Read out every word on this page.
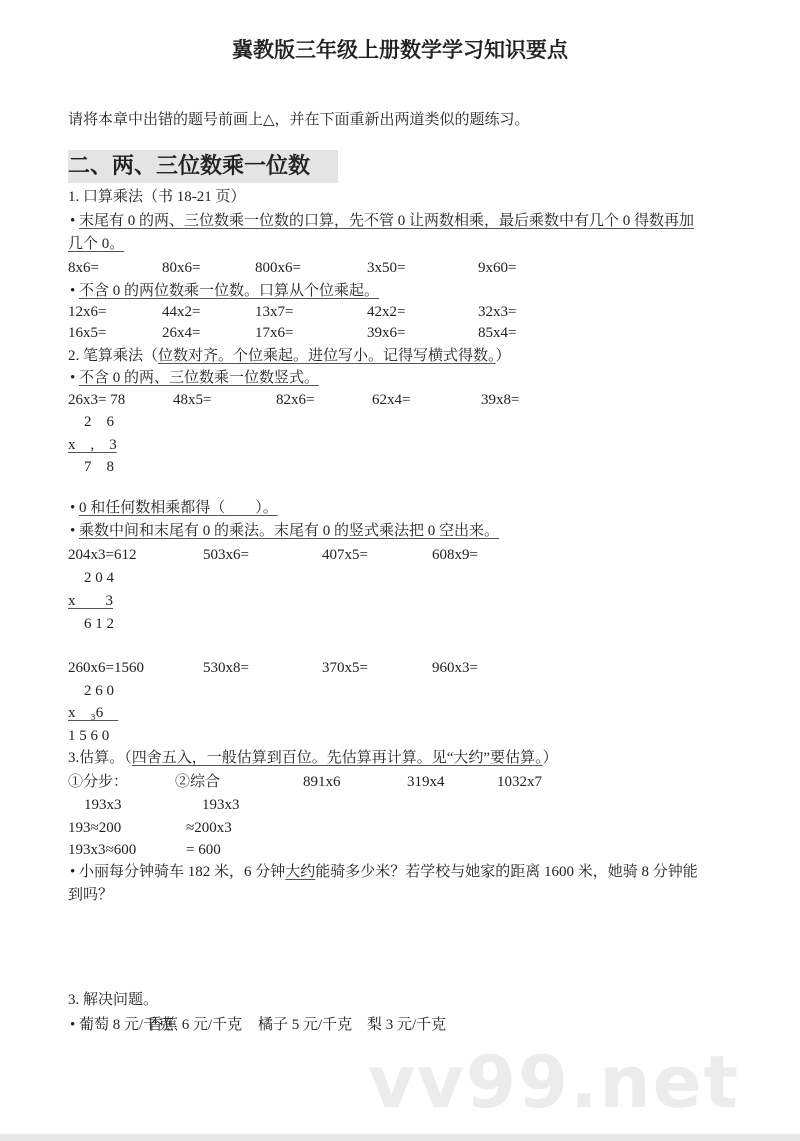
冀教版三年级上册数学学习知识要点
请将本章中出错的题号前画上△，并在下面重新出两道类似的题练习。
二、两、三位数乘一位数
1. 口算乘法（书 18-21 页）
• 末尾有 0 的两、三位数乘一位数的口算，先不管 0 让两数相乘，最后乘数中有几个 0 得数再加
几个 0。
8x6=	80x6=	800x6=	3x50=	9x60=
• 不含 0 的两位数乘一位数。口算从个位乘起。
12x6=	44x2=	13x7=	42x2=	32x3=
16x5=	26x4=	17x6=	39x6=	85x4=
2. 笔算乘法（位数对齐。个位乘起。进位写小。记得写横式得数。）
• 不含 0 的两、三位数乘一位数竖式。
26x3= 78	48x5=	82x6=	62x4=	39x8=
2　6
x　,　3
7　8
• 0 和任何数相乘都得（　　）。
• 乘数中间和末尾有 0 的乘法。末尾有 0 的竖式乘法把 0 空出来。
204x3=612	503x6=	407x5=	608x9=
2 0 4
x　　3
6 1 2
260x6=1560	530x8=	370x5=	960x3=
2 6 0
x　₃6　
1 5 6 0
3.估算。（四舍五入，一般估算到百位。先估算再计算。见“大约”要估算。）
①分步：	②综合	891x6	319x4	1032x7
193x3	193x3
193≈200	≈200x3
193x3≈600	= 600
• 小丽每分钟骑车 182 米，6 分钟大约能骑多少米？若学校与她家的距离 1600 米，她骑 8 分钟能
到吗？
3. 解决问题。
• 葡萄 8 元/千克
香蕉 6 元/千克 橘子 5 元/千克 梨 3 元/千克
vv99.net
